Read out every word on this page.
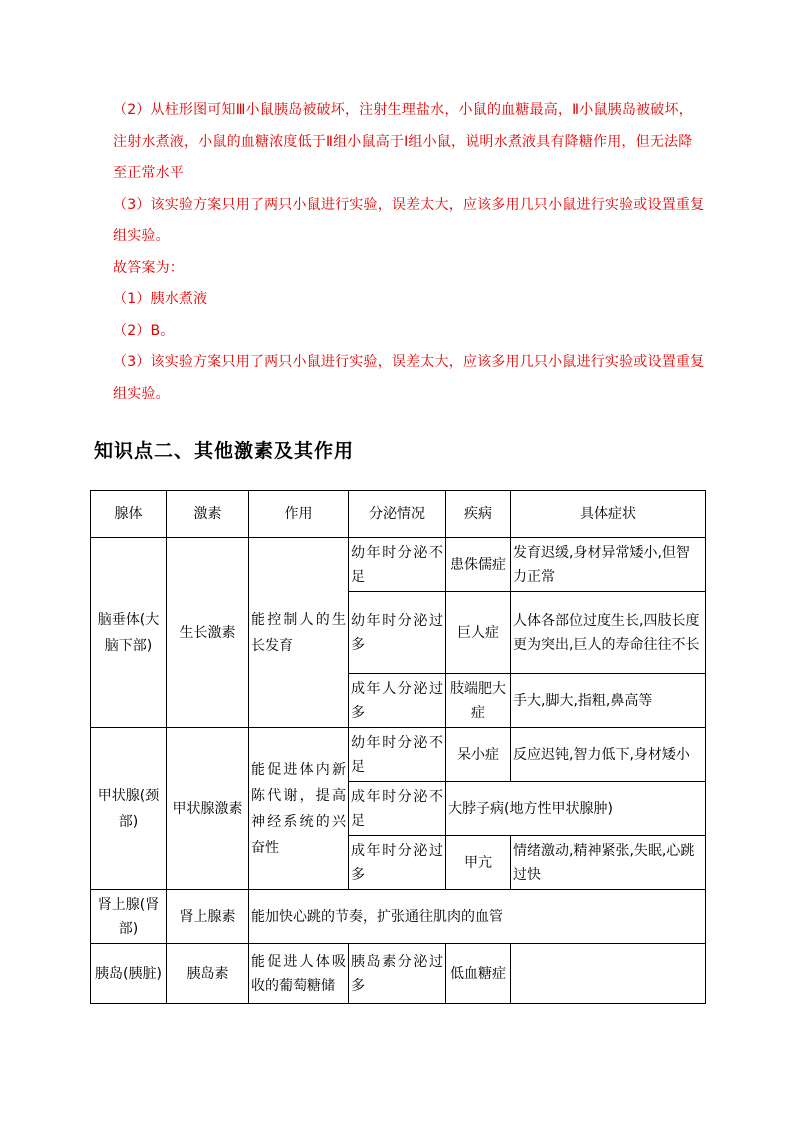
（2）从柱形图可知Ⅲ小鼠胰岛被破坏，注射生理盐水，小鼠的血糖最高，Ⅱ小鼠胰岛被破坏，

注射水煮液，小鼠的血糖浓度低于Ⅱ组小鼠高于Ⅰ组小鼠，说明水煮液具有降糖作用，但无法降

至正常水平

（3）该实验方案只用了两只小鼠进行实验，误差太大，应该多用几只小鼠进行实验或设置重复

组实验。

故答案为：

（1）胰水煮液

（2）B。

（3）该实验方案只用了两只小鼠进行实验，误差太大，应该多用几只小鼠进行实验或设置重复

组实验。

知识点二、其他激素及其作用
腺体	激素	作用	分泌情况	疾病	具体症状
脑垂体(大脑下部)	生长激素	能控制人的生长发育	幼年时分泌不足	患侏儒症	发育迟缓,身材异常矮小,但智力正常
			幼年时分泌过多	巨人症	人体各部位过度生长,四肢长度更为突出,巨人的寿命往往不长
			成年人分泌过多	肢端肥大症	手大,脚大,指粗,鼻高等
甲状腺(颈部)	甲状腺激素	能促进体内新陈代谢，提高神经系统的兴奋性	幼年时分泌不足	呆小症	反应迟钝,智力低下,身材矮小
			成年时分泌不足	大脖子病(地方性甲状腺肿)	
			成年时分泌过多	甲亢	情绪激动,精神紧张,失眠,心跳过快
肾上腺(肾部)	肾上腺素	能加快心跳的节奏，扩张通往肌肉的血管			
胰岛(胰脏)	胰岛素	能促进人体吸收的葡萄糖储	胰岛素分泌过多	低血糖症	
